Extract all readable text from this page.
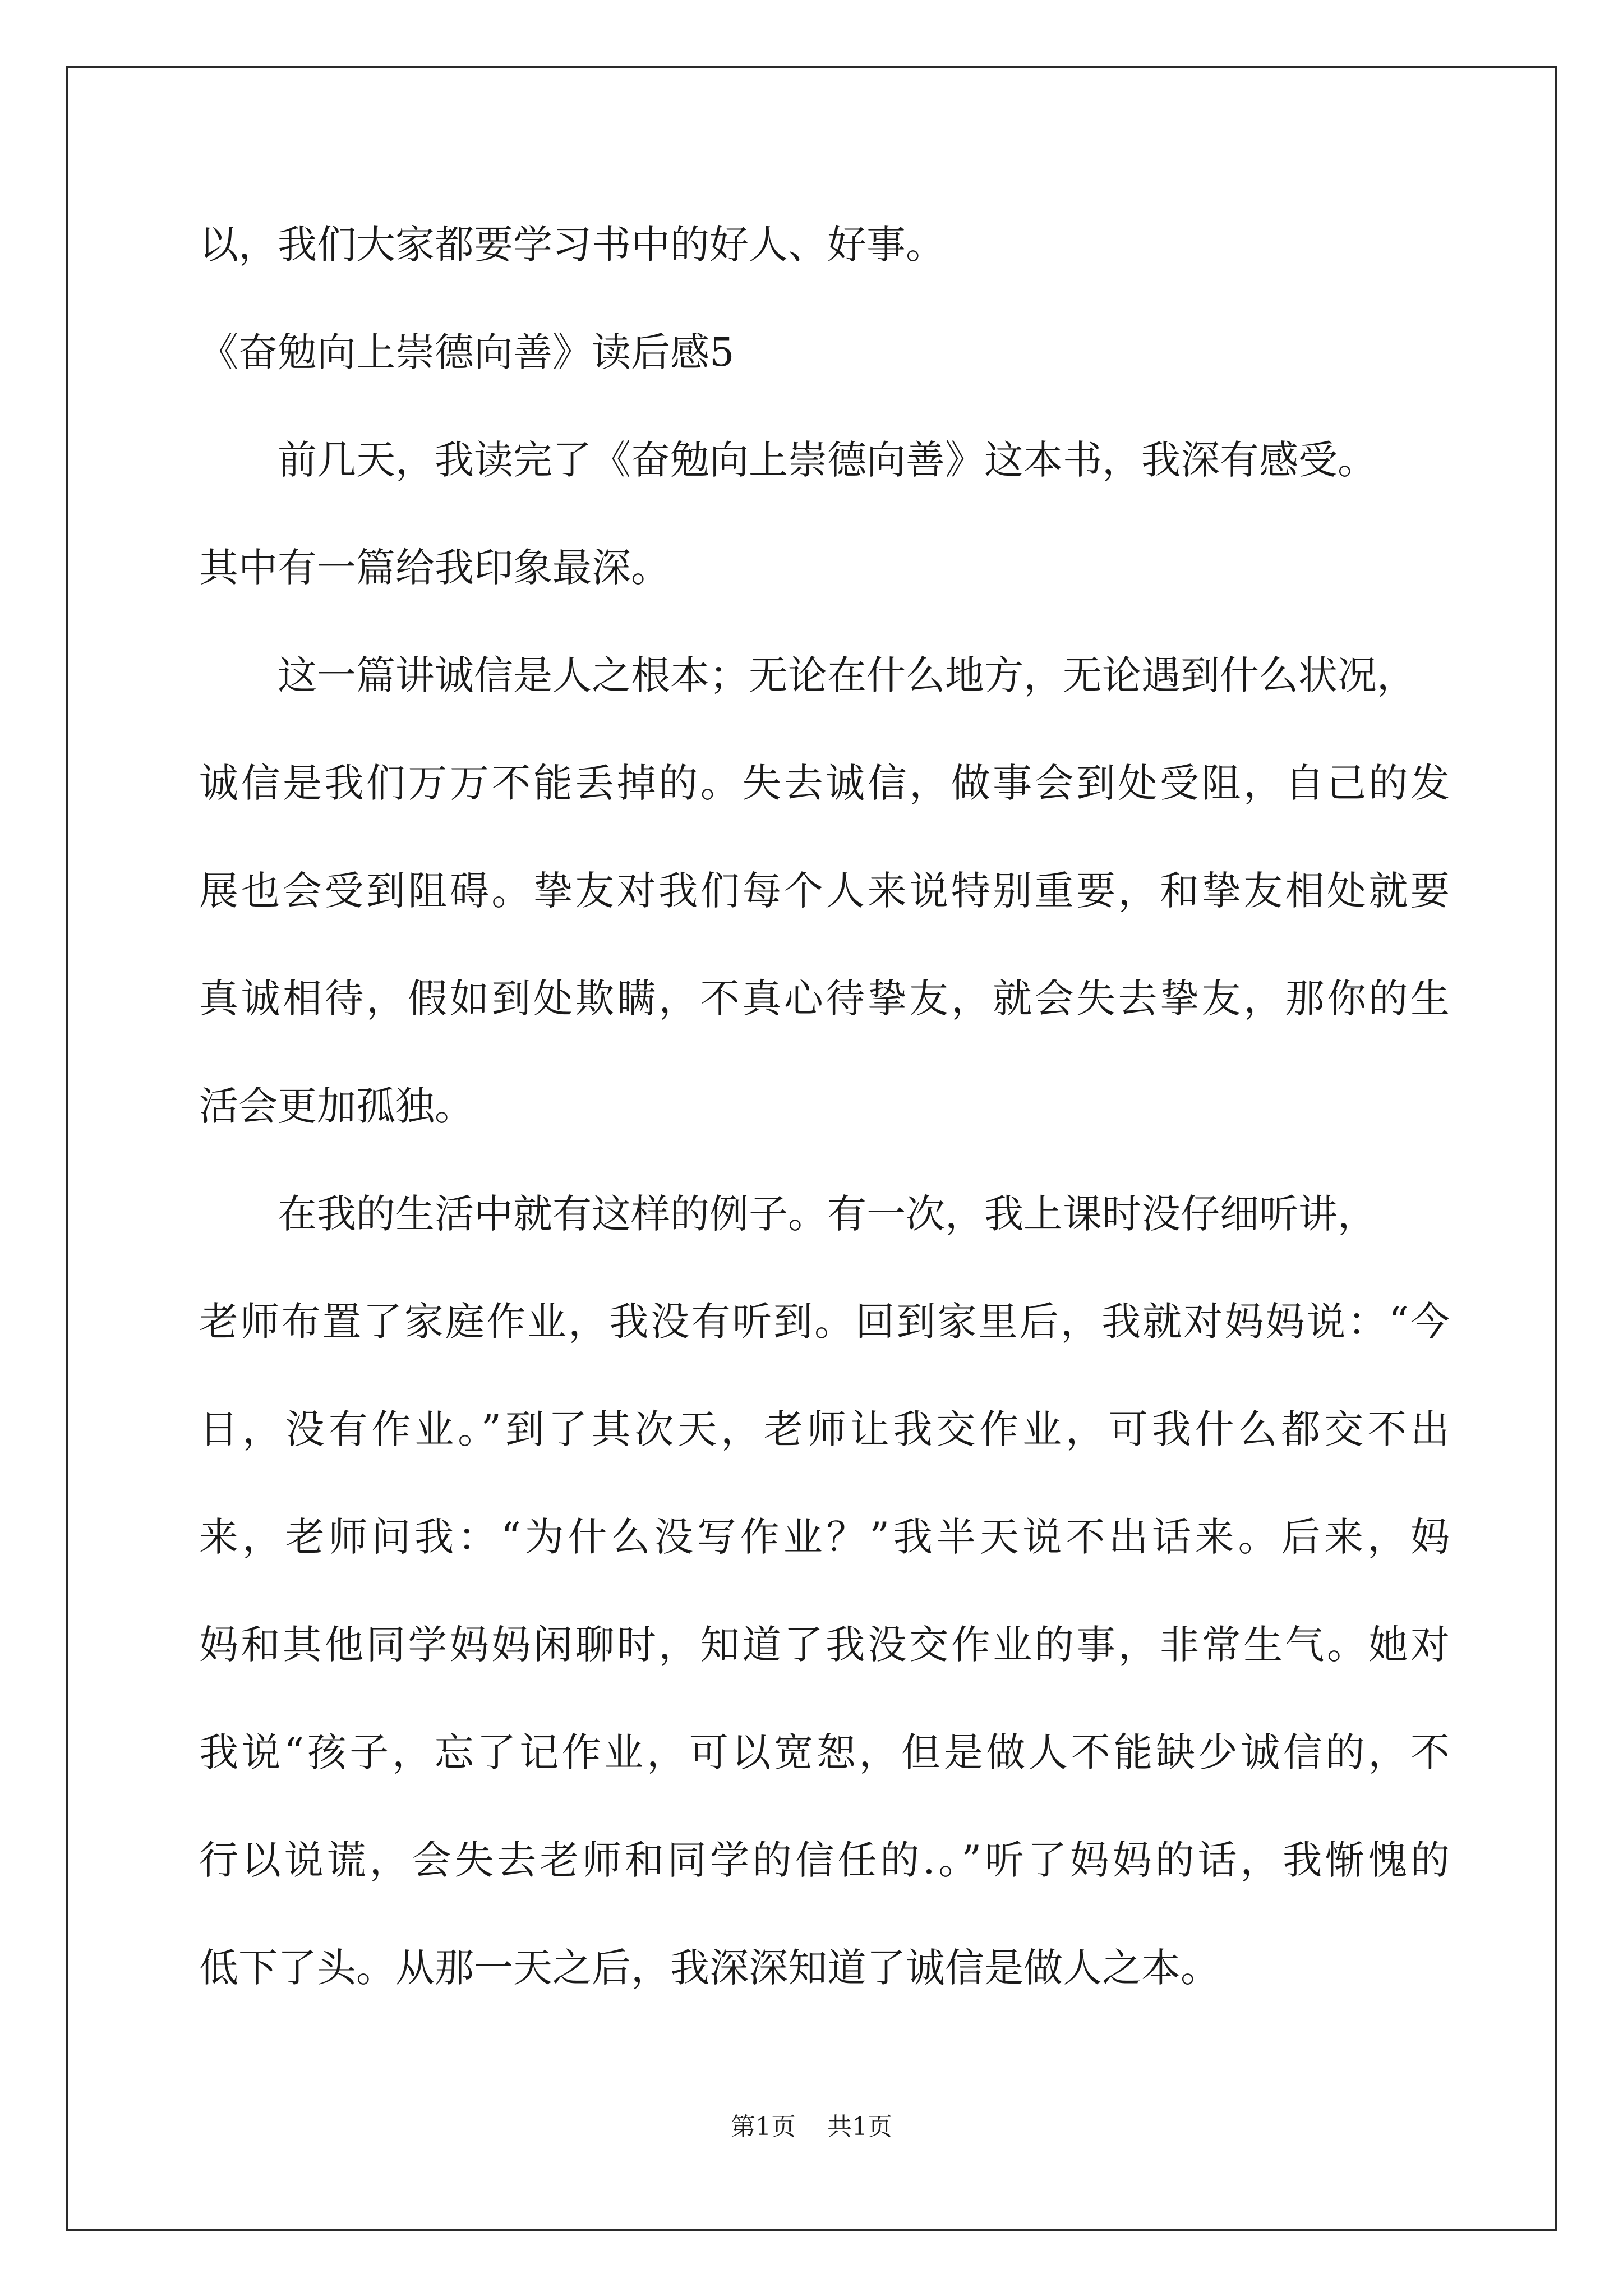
以，我们大家都要学习书中的好人、好事。
《奋勉向上崇德向善》读后感5
前几天，我读完了《奋勉向上崇德向善》这本书，我深有感受。
其中有一篇给我印象最深。
这一篇讲诚信是人之根本；无论在什么地方，无论遇到什么状况，
诚信是我们万万不能丢掉的。失去诚信，做事会到处受阻，自己的发
展也会受到阻碍。挚友对我们每个人来说特别重要，和挚友相处就要
真诚相待，假如到处欺瞒，不真心待挚友，就会失去挚友，那你的生
活会更加孤独。
在我的生活中就有这样的例子。有一次，我上课时没仔细听讲，
老师布置了家庭作业，我没有听到。回到家里后，我就对妈妈说：“今
日，没有作业。”到了其次天，老师让我交作业，可我什么都交不出
来，老师问我：“为什么没写作业？”我半天说不出话来。后来，妈
妈和其他同学妈妈闲聊时，知道了我没交作业的事，非常生气。她对
我说“孩子，忘了记作业，可以宽恕，但是做人不能缺少诚信的，不
行以说谎，会失去老师和同学的信任的.。”听了妈妈的话，我惭愧的
低下了头。从那一天之后，我深深知道了诚信是做人之本。
第1页 共1页
